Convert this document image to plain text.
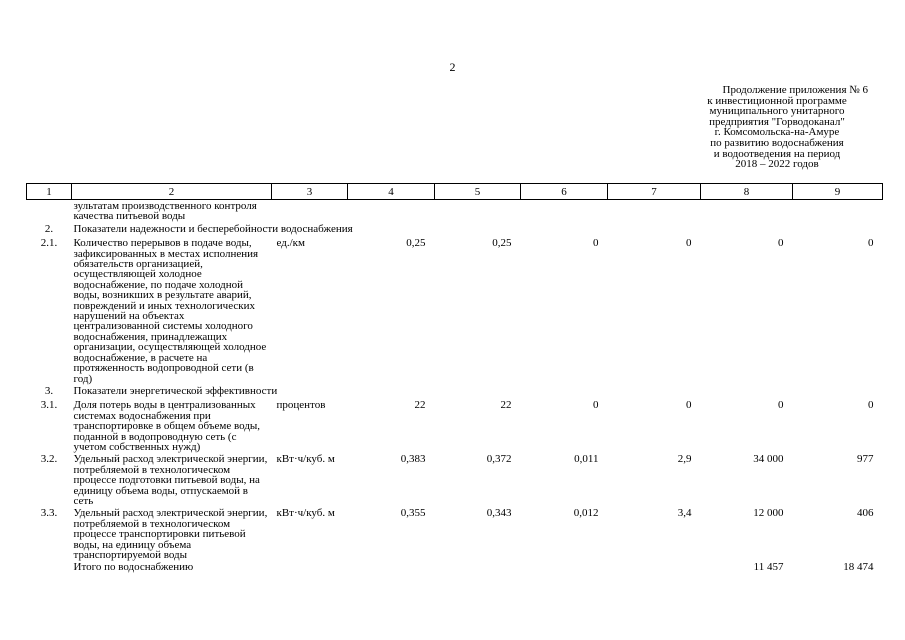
2
Продолжение приложения № 6
к инвестиционной программе
муниципального унитарного
предприятия "Горводоканал"
г. Комсомольска-на-Амуре
по развитию водоснабжения
и водоотведения на период
2018 – 2022 годов
1	2	3	4	5	6	7	8	9
	зультатам производственного контроля качества питьевой воды							
2.	Показатели надежности и бесперебойности водоснабжения							
2.1.	Количество перерывов в подаче воды, зафиксированных в местах исполнения обязательств организацией, осуществляющей холодное водоснабжение, по подаче холодной воды, возникших в результате аварий, повреждений и иных технологических нарушений на объектах централизованной системы холодного водоснабжения, принадлежащих организации, осуществляющей холодное водоснабжение, в расчете на протяженность водопроводной сети (в год)	ед./км	0,25	0,25	0	0	0	0
3.	Показатели энергетической эффективности							
3.1.	Доля потерь воды в централизованных системах водоснабжения при транспортировке в общем объеме воды, поданной в водопроводную сеть (с учетом собственных нужд)	процентов	22	22	0	0	0	0
3.2.	Удельный расход электрической энергии, потребляемой в технологическом процессе подготовки питьевой воды, на единицу объема воды, отпускаемой в сеть	кВт·ч/куб. м	0,383	0,372	0,011	2,9	34 000	977
3.3.	Удельный расход электрической энергии, потребляемой в технологическом процессе транспортировки питьевой воды, на единицу объема транспортируемой воды	кВт·ч/куб. м	0,355	0,343	0,012	3,4	12 000	406
	Итого по водоснабжению						11 457	18 474
